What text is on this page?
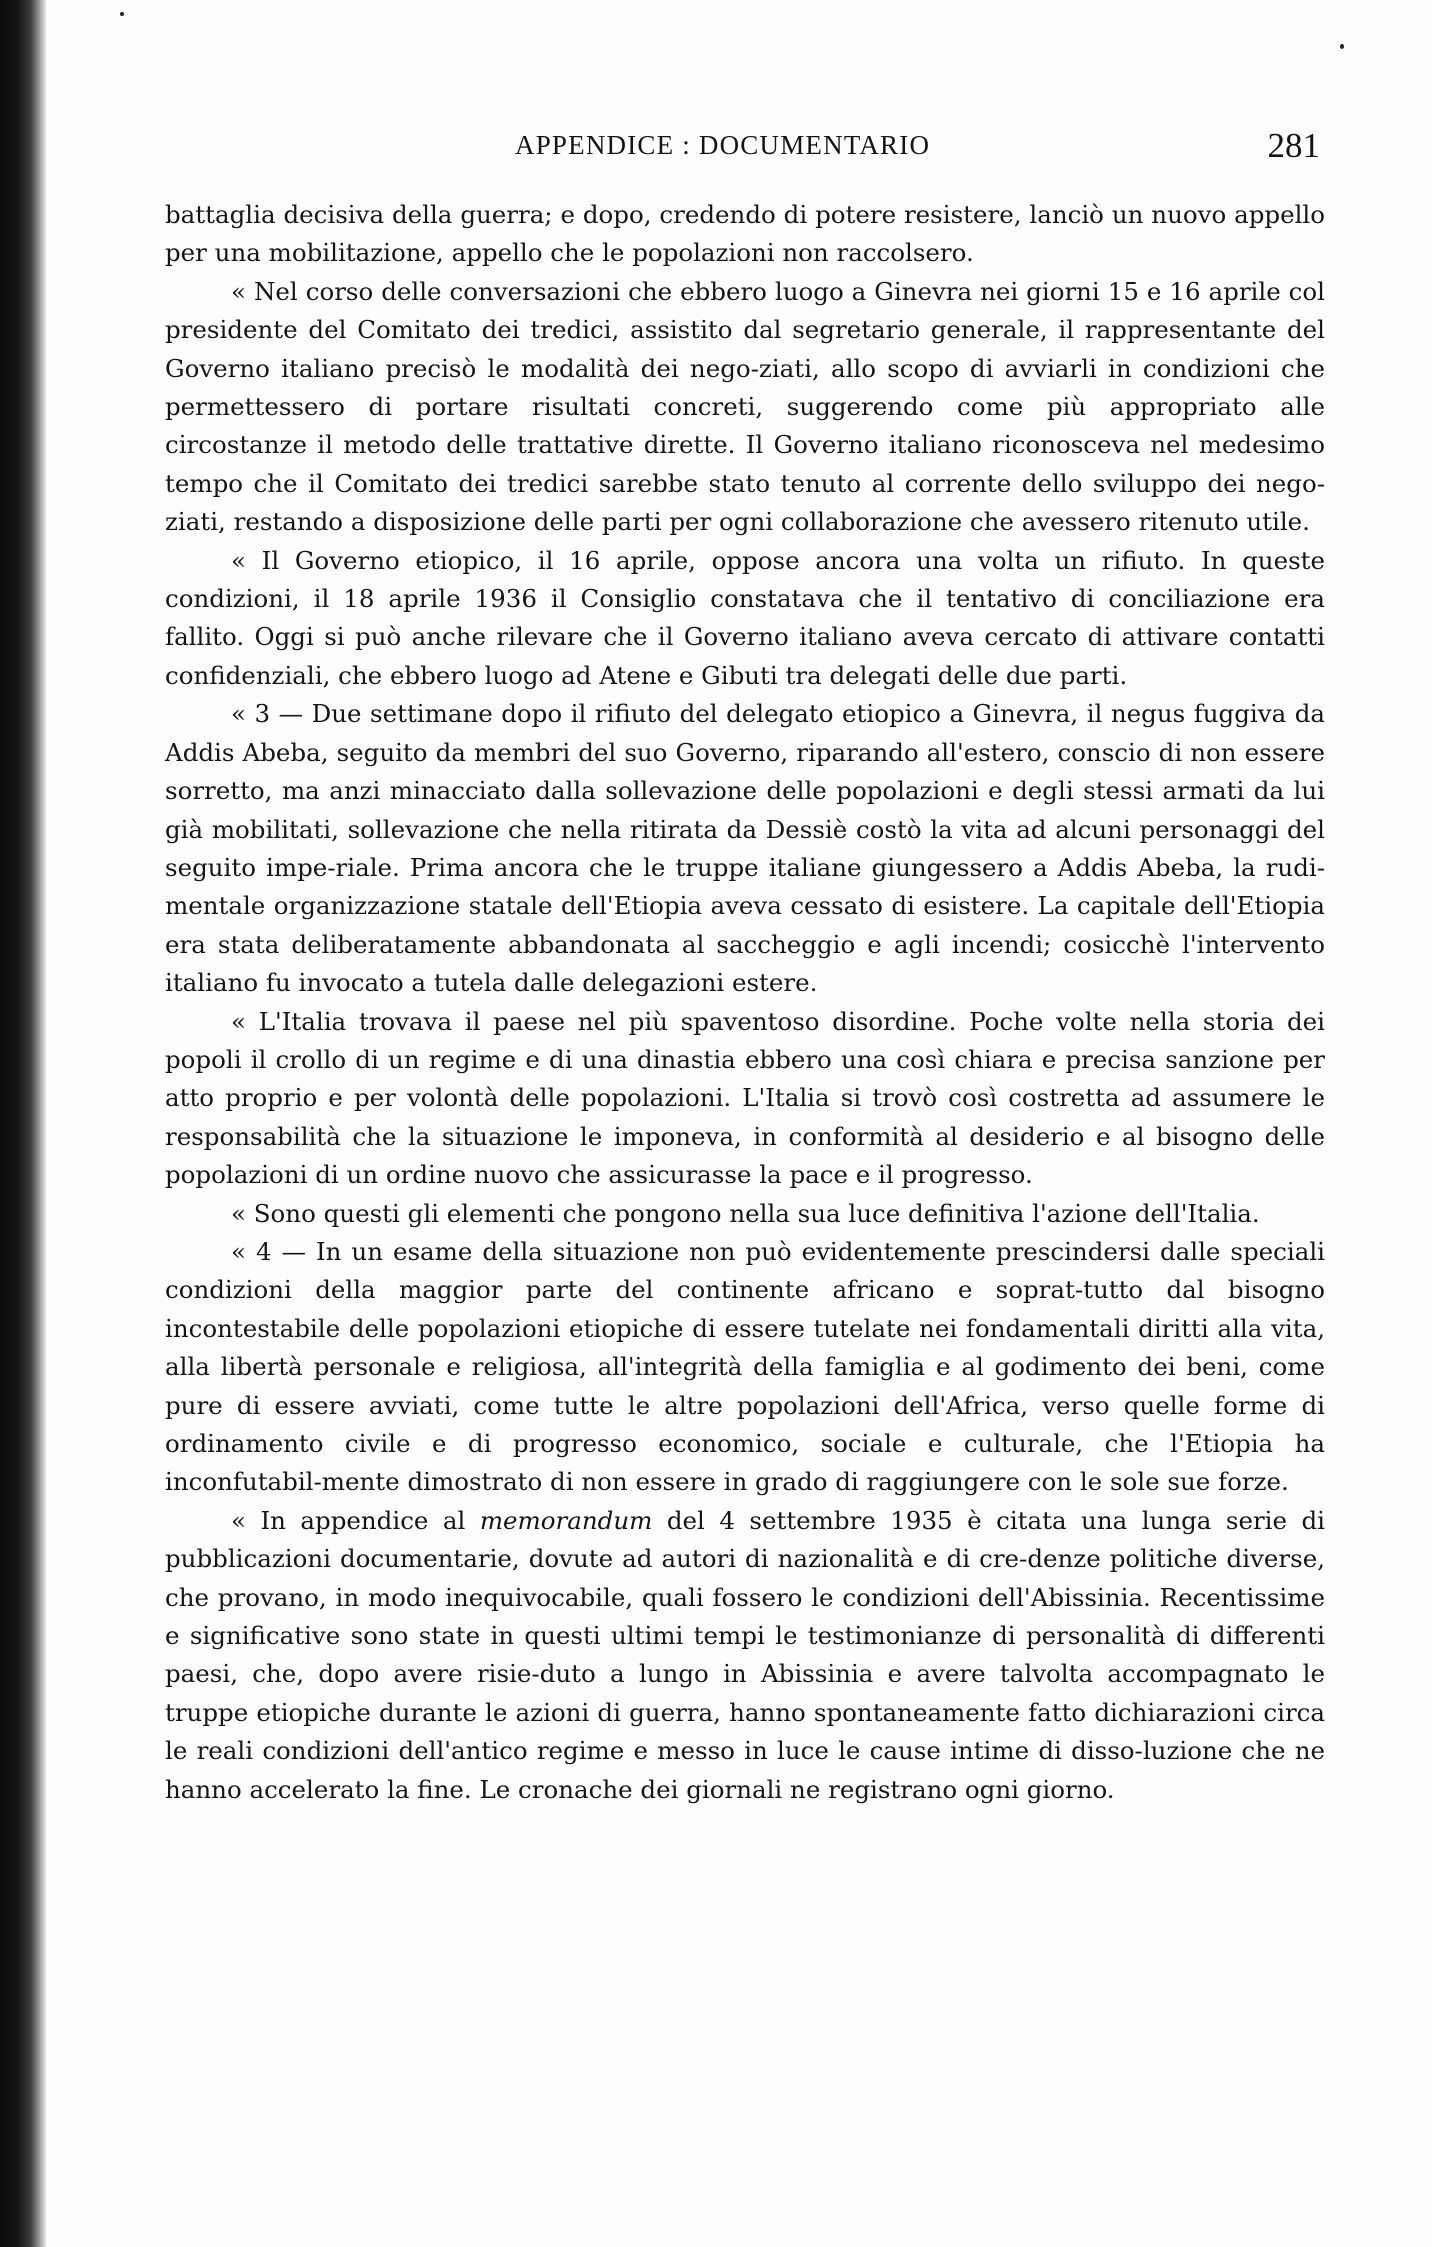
APPENDICE : DOCUMENTARIO	281

battaglia decisiva della guerra; e dopo, credendo di potere resistere, lanciò un nuovo appello per una mobilitazione, appello che le popolazioni non raccolsero.

« Nel corso delle conversazioni che ebbero luogo a Ginevra nei giorni 15 e 16 aprile col presidente del Comitato dei tredici, assistito dal segretario generale, il rappresentante del Governo italiano precisò le modalità dei nego-ziati, allo scopo di avviarli in condizioni che permettessero di portare risultati concreti, suggerendo come più appropriato alle circostanze il metodo delle trattative dirette. Il Governo italiano riconosceva nel medesimo tempo che il Comitato dei tredici sarebbe stato tenuto al corrente dello sviluppo dei nego-ziati, restando a disposizione delle parti per ogni collaborazione che avessero ritenuto utile.

« Il Governo etiopico, il 16 aprile, oppose ancora una volta un rifiuto. In queste condizioni, il 18 aprile 1936 il Consiglio constatava che il tentativo di conciliazione era fallito. Oggi si può anche rilevare che il Governo italiano aveva cercato di attivare contatti confidenziali, che ebbero luogo ad Atene e Gibuti tra delegati delle due parti.

« 3 — Due settimane dopo il rifiuto del delegato etiopico a Ginevra, il negus fuggiva da Addis Abeba, seguito da membri del suo Governo, riparando all'estero, conscio di non essere sorretto, ma anzi minacciato dalla sollevazione delle popolazioni e degli stessi armati da lui già mobilitati, sollevazione che nella ritirata da Dessiè costò la vita ad alcuni personaggi del seguito impe-riale. Prima ancora che le truppe italiane giungessero a Addis Abeba, la rudi-mentale organizzazione statale dell'Etiopia aveva cessato di esistere. La capitale dell'Etiopia era stata deliberatamente abbandonata al saccheggio e agli incendi; cosicchè l'intervento italiano fu invocato a tutela dalle delegazioni estere.

« L'Italia trovava il paese nel più spaventoso disordine. Poche volte nella storia dei popoli il crollo di un regime e di una dinastia ebbero una così chiara e precisa sanzione per atto proprio e per volontà delle popolazioni. L'Italia si trovò così costretta ad assumere le responsabilità che la situazione le imponeva, in conformità al desiderio e al bisogno delle popolazioni di un ordine nuovo che assicurasse la pace e il progresso.

« Sono questi gli elementi che pongono nella sua luce definitiva l'azione dell'Italia.

« 4 — In un esame della situazione non può evidentemente prescindersi dalle speciali condizioni della maggior parte del continente africano e soprat-tutto dal bisogno incontestabile delle popolazioni etiopiche di essere tutelate nei fondamentali diritti alla vita, alla libertà personale e religiosa, all'integrità della famiglia e al godimento dei beni, come pure di essere avviati, come tutte le altre popolazioni dell'Africa, verso quelle forme di ordinamento civile e di progresso economico, sociale e culturale, che l'Etiopia ha inconfutabil-mente dimostrato di non essere in grado di raggiungere con le sole sue forze.

« In appendice al memorandum del 4 settembre 1935 è citata una lunga serie di pubblicazioni documentarie, dovute ad autori di nazionalità e di cre-denze politiche diverse, che provano, in modo inequivocabile, quali fossero le condizioni dell'Abissinia. Recentissime e significative sono state in questi ultimi tempi le testimonianze di personalità di differenti paesi, che, dopo avere risie-duto a lungo in Abissinia e avere talvolta accompagnato le truppe etiopiche durante le azioni di guerra, hanno spontaneamente fatto dichiarazioni circa le reali condizioni dell'antico regime e messo in luce le cause intime di disso-luzione che ne hanno accelerato la fine. Le cronache dei giornali ne registrano ogni giorno.
